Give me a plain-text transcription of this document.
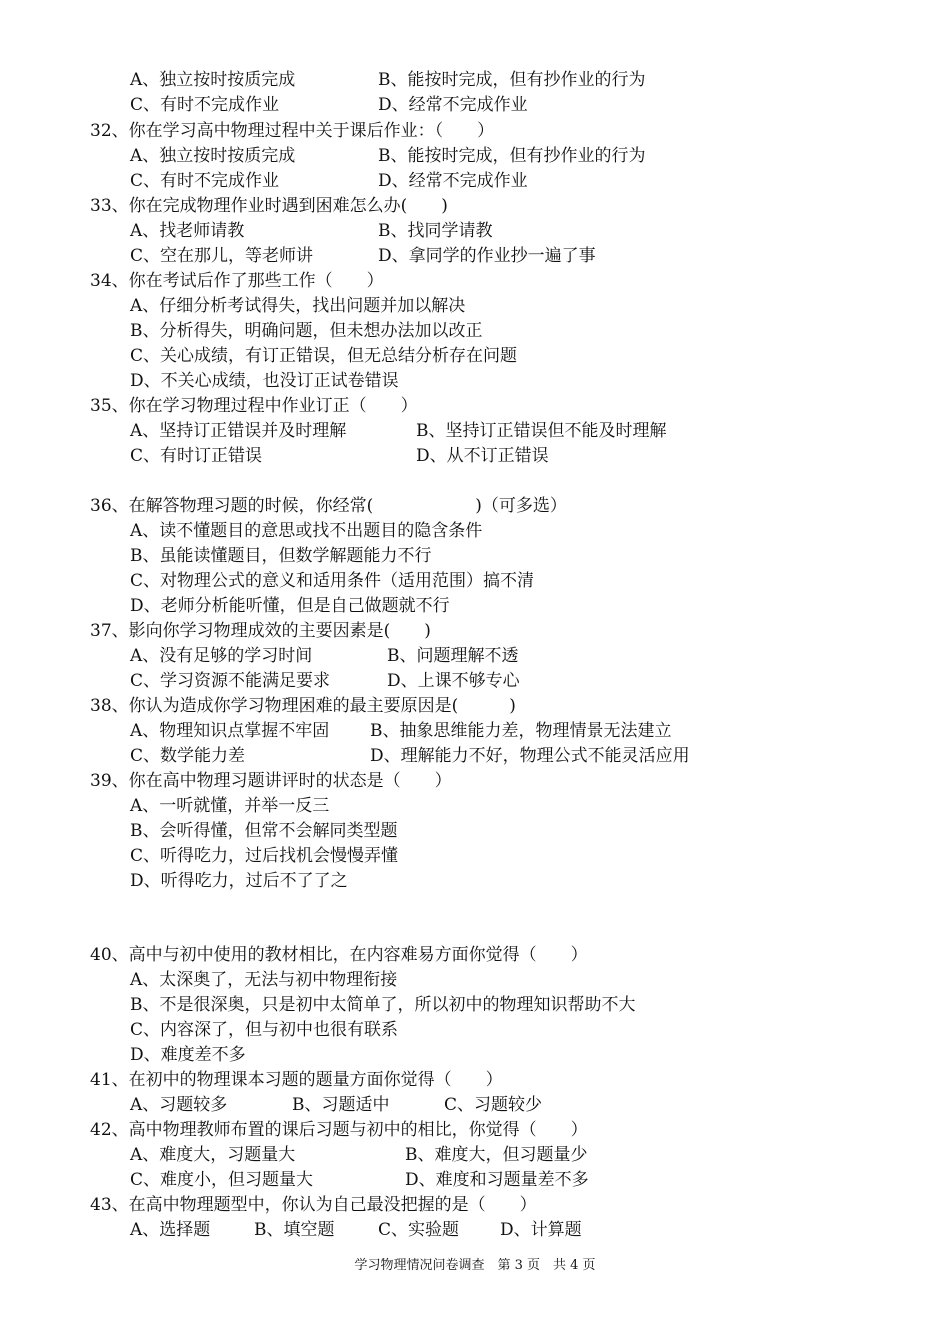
A、独立按时按质完成	B、能按时完成，但有抄作业的行为
C、有时不完成作业	D、经常不完成作业
32、你在学习高中物理过程中关于课后作业：（　　）
A、独立按时按质完成	B、能按时完成，但有抄作业的行为
C、有时不完成作业	D、经常不完成作业
33、你在完成物理作业时遇到困难怎么办(　　)
A、找老师请教	B、找同学请教
C、空在那儿，等老师讲	D、拿同学的作业抄一遍了事
34、你在考试后作了那些工作（　　）
A、仔细分析考试得失，找出问题并加以解决
B、分析得失，明确问题，但未想办法加以改正
C、关心成绩，有订正错误，但无总结分析存在问题
D、不关心成绩，也没订正试卷错误
35、你在学习物理过程中作业订正（　　）
A、坚持订正错误并及时理解	B、坚持订正错误但不能及时理解
C、有时订正错误	D、从不订正错误
36、在解答物理习题的时候，你经常(　　　　　　)（可多选）
A、读不懂题目的意思或找不出题目的隐含条件
B、虽能读懂题目，但数学解题能力不行
C、对物理公式的意义和适用条件（适用范围）搞不清
D、老师分析能听懂，但是自己做题就不行
37、影向你学习物理成效的主要因素是(　　)
A、没有足够的学习时间	B、问题理解不透
C、学习资源不能满足要求	D、上课不够专心
38、你认为造成你学习物理困难的最主要原因是(　　　)
A、物理知识点掌握不牢固 B、抽象思维能力差，物理情景无法建立
C、数学能力差	D、理解能力不好，物理公式不能灵活应用
39、你在高中物理习题讲评时的状态是（　　）
A、一听就懂，并举一反三
B、会听得懂，但常不会解同类型题
C、听得吃力，过后找机会慢慢弄懂
D、听得吃力，过后不了了之
40、高中与初中使用的教材相比，在内容难易方面你觉得（　　）
A、太深奥了，无法与初中物理衔接
B、不是很深奥，只是初中太简单了，所以初中的物理知识帮助不大
C、内容深了，但与初中也很有联系
D、难度差不多
41、在初中的物理课本习题的题量方面你觉得（　　）
A、习题较多	B、习题适中	C、习题较少
42、高中物理教师布置的课后习题与初中的相比，你觉得（　　）
A、难度大，习题量大	B、难度大，但习题量少
C、难度小，但习题量大	D、难度和习题量差不多
43、在高中物理题型中，你认为自己最没把握的是（　　）
A、选择题	B、填空题	C、实验题 D、计算题
学习物理情况问卷调查　第 3 页　共 4 页
